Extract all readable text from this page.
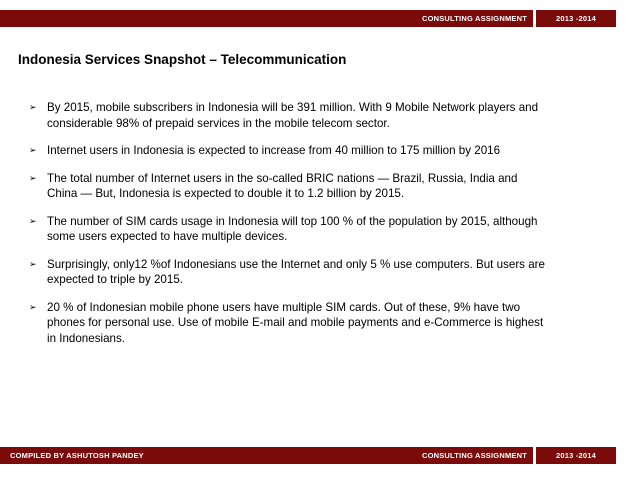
CONSULTING ASSIGNMENT	2013 -2014
Indonesia Services Snapshot – Telecommunication
➢ By 2015, mobile subscribers in Indonesia will be 391 million. With 9 Mobile Network players and considerable 98% of prepaid services in the mobile telecom sector.
➢ Internet users in Indonesia is expected to increase from 40 million to 175 million by 2016
➢ The total number of Internet users in the so-called BRIC nations — Brazil, Russia, India and China — But, Indonesia is expected to double it to 1.2 billion by 2015.
➢ The number of SIM cards usage in Indonesia will top 100 % of the population by 2015, although some users expected to have multiple devices.
➢ Surprisingly, only12 %of Indonesians use the Internet and only 5 % use computers. But users are expected to triple by 2015.
➢ 20 % of Indonesian mobile phone users have multiple SIM cards. Out of these, 9% have two phones for personal use. Use of mobile E-mail and mobile payments and e-Commerce is highest in Indonesians.
COMPILED BY ASHUTOSH PANDEY	CONSULTING ASSIGNMENT	2013 -2014
